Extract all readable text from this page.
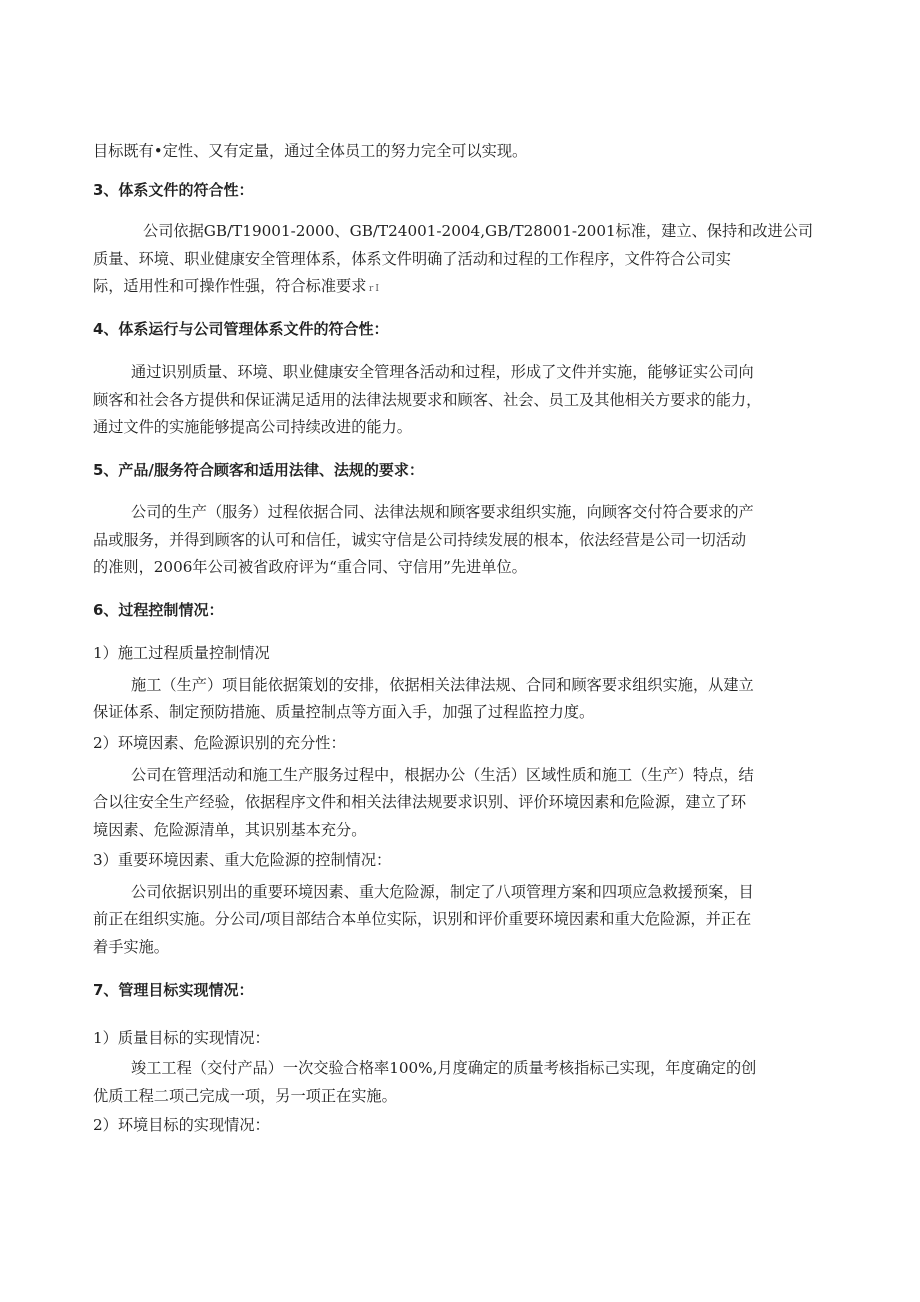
目标既有•定性、又有定量，通过全体员工的努力完全可以实现。
3、体系文件的符合性：
公司依据GB/T19001-2000、GB/T24001-2004,GB/T28001-2001标准，建立、保持和改进公司
质量、环境、职业健康安全管理体系，体系文件明确了活动和过程的工作程序，文件符合公司实
际，适用性和可操作性强，符合标准要求ｒI
4、体系运行与公司管理体系文件的符合性：
通过识别质量、环境、职业健康安全管理各活动和过程，形成了文件并实施，能够证实公司向
顾客和社会各方提供和保证满足适用的法律法规要求和顾客、社会、员工及其他相关方要求的能力，
通过文件的实施能够提高公司持续改进的能力。
5、产品/服务符合顾客和适用法律、法规的要求：
公司的生产（服务）过程依据合同、法律法规和顾客要求组织实施，向顾客交付符合要求的产
品或服务，并得到顾客的认可和信任，诚实守信是公司持续发展的根本，依法经营是公司一切活动
的准则，2006年公司被省政府评为“重合同、守信用”先进单位。
6、过程控制情况：
1）施工过程质量控制情况
施工（生产）项目能依据策划的安排，依据相关法律法规、合同和顾客要求组织实施，从建立
保证体系、制定预防措施、质量控制点等方面入手，加强了过程监控力度。
2）环境因素、危险源识别的充分性：
公司在管理活动和施工生产服务过程中，根据办公（生活）区域性质和施工（生产）特点，结
合以往安全生产经验，依据程序文件和相关法律法规要求识别、评价环境因素和危险源，建立了环
境因素、危险源清单，其识别基本充分。
3）重要环境因素、重大危险源的控制情况：
公司依据识别出的重要环境因素、重大危险源，制定了八项管理方案和四项应急救援预案，目
前正在组织实施。分公司/项目部结合本单位实际，识别和评价重要环境因素和重大危险源，并正在
着手实施。
7、管理目标实现情况：
1）质量目标的实现情况：
竣工工程（交付产品）一次交验合格率100%,月度确定的质量考核指标己实现，年度确定的创
优质工程二项己完成一项，另一项正在实施。
2）环境目标的实现情况：
